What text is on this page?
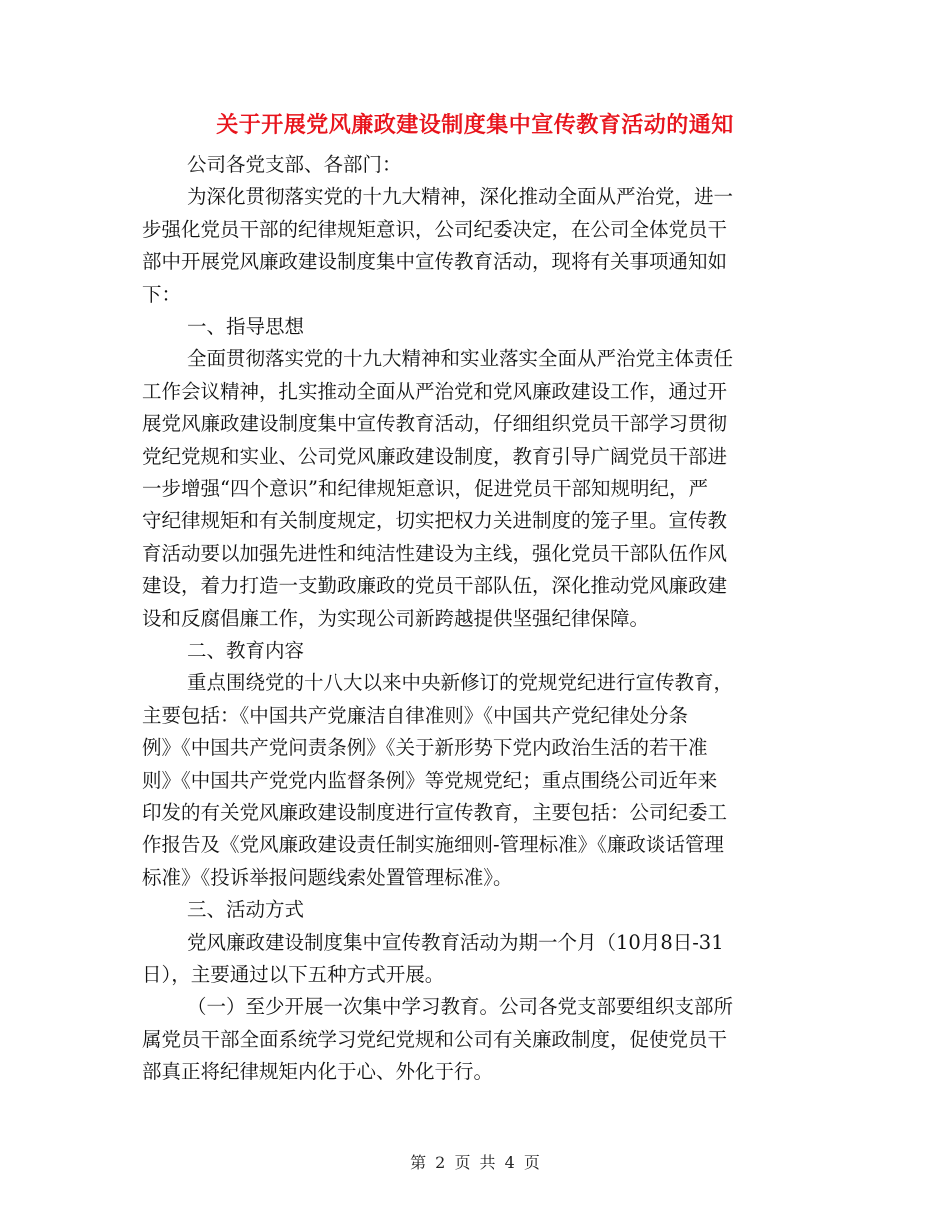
关于开展党风廉政建设制度集中宣传教育活动的通知
公司各党支部、各部门：
为深化贯彻落实党的十九大精神，深化推动全面从严治党，进一
步强化党员干部的纪律规矩意识，公司纪委决定，在公司全体党员干
部中开展党风廉政建设制度集中宣传教育活动，现将有关事项通知如
下：
一、指导思想
全面贯彻落实党的十九大精神和实业落实全面从严治党主体责任
工作会议精神，扎实推动全面从严治党和党风廉政建设工作，通过开
展党风廉政建设制度集中宣传教育活动，仔细组织党员干部学习贯彻
党纪党规和实业、公司党风廉政建设制度，教育引导广阔党员干部进
一步增强“四个意识”和纪律规矩意识，促进党员干部知规明纪，严
守纪律规矩和有关制度规定，切实把权力关进制度的笼子里。宣传教
育活动要以加强先进性和纯洁性建设为主线，强化党员干部队伍作风
建设，着力打造一支勤政廉政的党员干部队伍，深化推动党风廉政建
设和反腐倡廉工作，为实现公司新跨越提供坚强纪律保障。
二、教育内容
重点围绕党的十八大以来中央新修订的党规党纪进行宣传教育，
主要包括：《中国共产党廉洁自律准则》《中国共产党纪律处分条
例》《中国共产党问责条例》《关于新形势下党内政治生活的若干准
则》《中国共产党党内监督条例》等党规党纪；重点围绕公司近年来
印发的有关党风廉政建设制度进行宣传教育，主要包括：公司纪委工
作报告及《党风廉政建设责任制实施细则-管理标准》《廉政谈话管理
标准》《投诉举报问题线索处置管理标准》。
三、活动方式
党风廉政建设制度集中宣传教育活动为期一个月（10月8日-31
日），主要通过以下五种方式开展。
（一）至少开展一次集中学习教育。公司各党支部要组织支部所
属党员干部全面系统学习党纪党规和公司有关廉政制度，促使党员干
部真正将纪律规矩内化于心、外化于行。
第 2 页 共 4 页
